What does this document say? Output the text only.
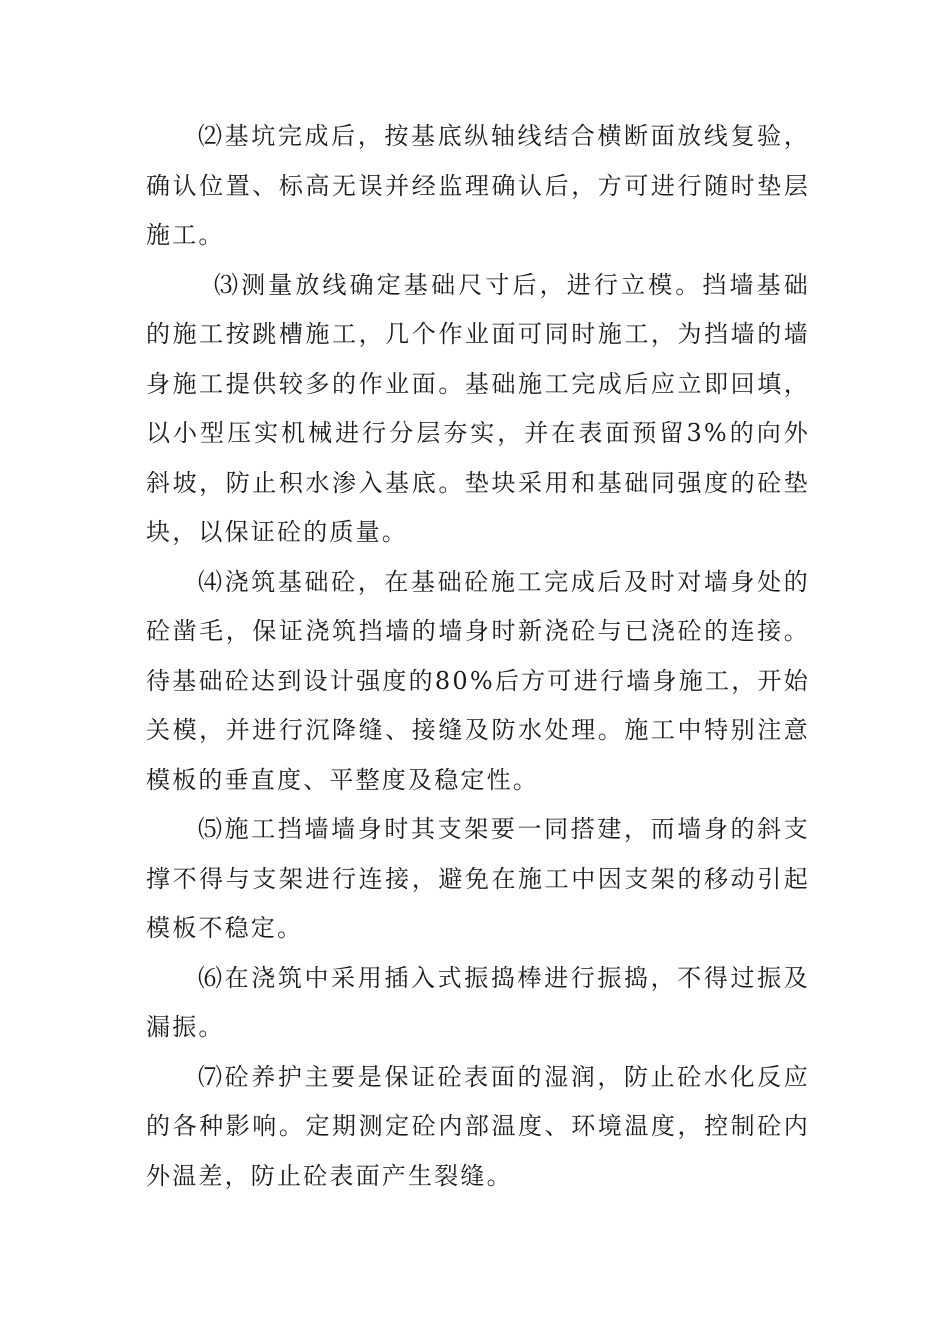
⑵基坑完成后，按基底纵轴线结合横断面放线复验，确认位置、标高无误并经监理确认后，方可进行随时垫层施工。

⑶测量放线确定基础尺寸后，进行立模。挡墙基础的施工按跳槽施工，几个作业面可同时施工，为挡墙的墙身施工提供较多的作业面。基础施工完成后应立即回填，以小型压实机械进行分层夯实，并在表面预留3%的向外斜坡，防止积水渗入基底。垫块采用和基础同强度的砼垫块，以保证砼的质量。

⑷浇筑基础砼，在基础砼施工完成后及时对墙身处的砼凿毛，保证浇筑挡墙的墙身时新浇砼与已浇砼的连接。待基础砼达到设计强度的80%后方可进行墙身施工，开始关模，并进行沉降缝、接缝及防水处理。施工中特别注意模板的垂直度、平整度及稳定性。

⑸施工挡墙墙身时其支架要一同搭建，而墙身的斜支撑不得与支架进行连接，避免在施工中因支架的移动引起模板不稳定。

⑹在浇筑中采用插入式振捣棒进行振捣，不得过振及漏振。

⑺砼养护主要是保证砼表面的湿润，防止砼水化反应的各种影响。定期测定砼内部温度、环境温度，控制砼内外温差，防止砼表面产生裂缝。
